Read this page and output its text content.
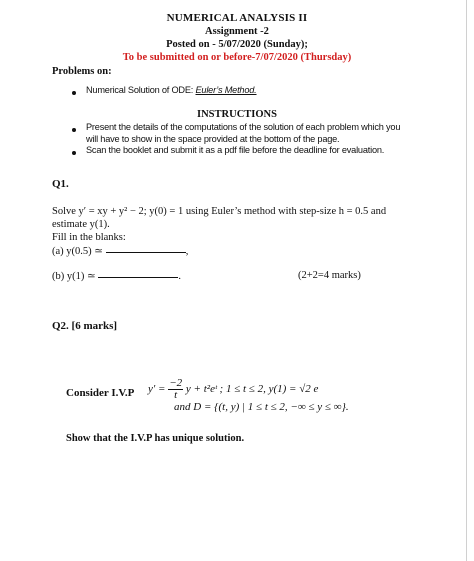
NUMERICAL ANALYSIS II
Assignment -2
Posted on - 5/07/2020 (Sunday);
To be submitted on or before-7/07/2020 (Thursday)
Problems on:
Numerical Solution of ODE: Euler’s Method.
INSTRUCTIONS
Present the details of the computations of the solution of each problem which you
will have to show in the space provided at the bottom of the page.
Scan the booklet and submit it as a pdf file before the deadline for evaluation.
Q1.
Solve y′ = xy + y² − 2; y(0) = 1 using Euler’s method with step-size h = 0.5 and
estimate y(1).
Fill in the blanks:
(a) y(0.5) ≃	,
(b) y(1) ≃	.	(2+2=4 marks)
Q2. [6 marks]
Consider I.V.P $y' = \frac{-2}{t}$ y + t²eᵗ ; 1 ≤ t ≤ 2, y(1) = √2 e
and D = {(t, y) | 1 ≤ t ≤ 2, −∞ ≤ y ≤ ∞}.
Show that the I.V.P has unique solution.
